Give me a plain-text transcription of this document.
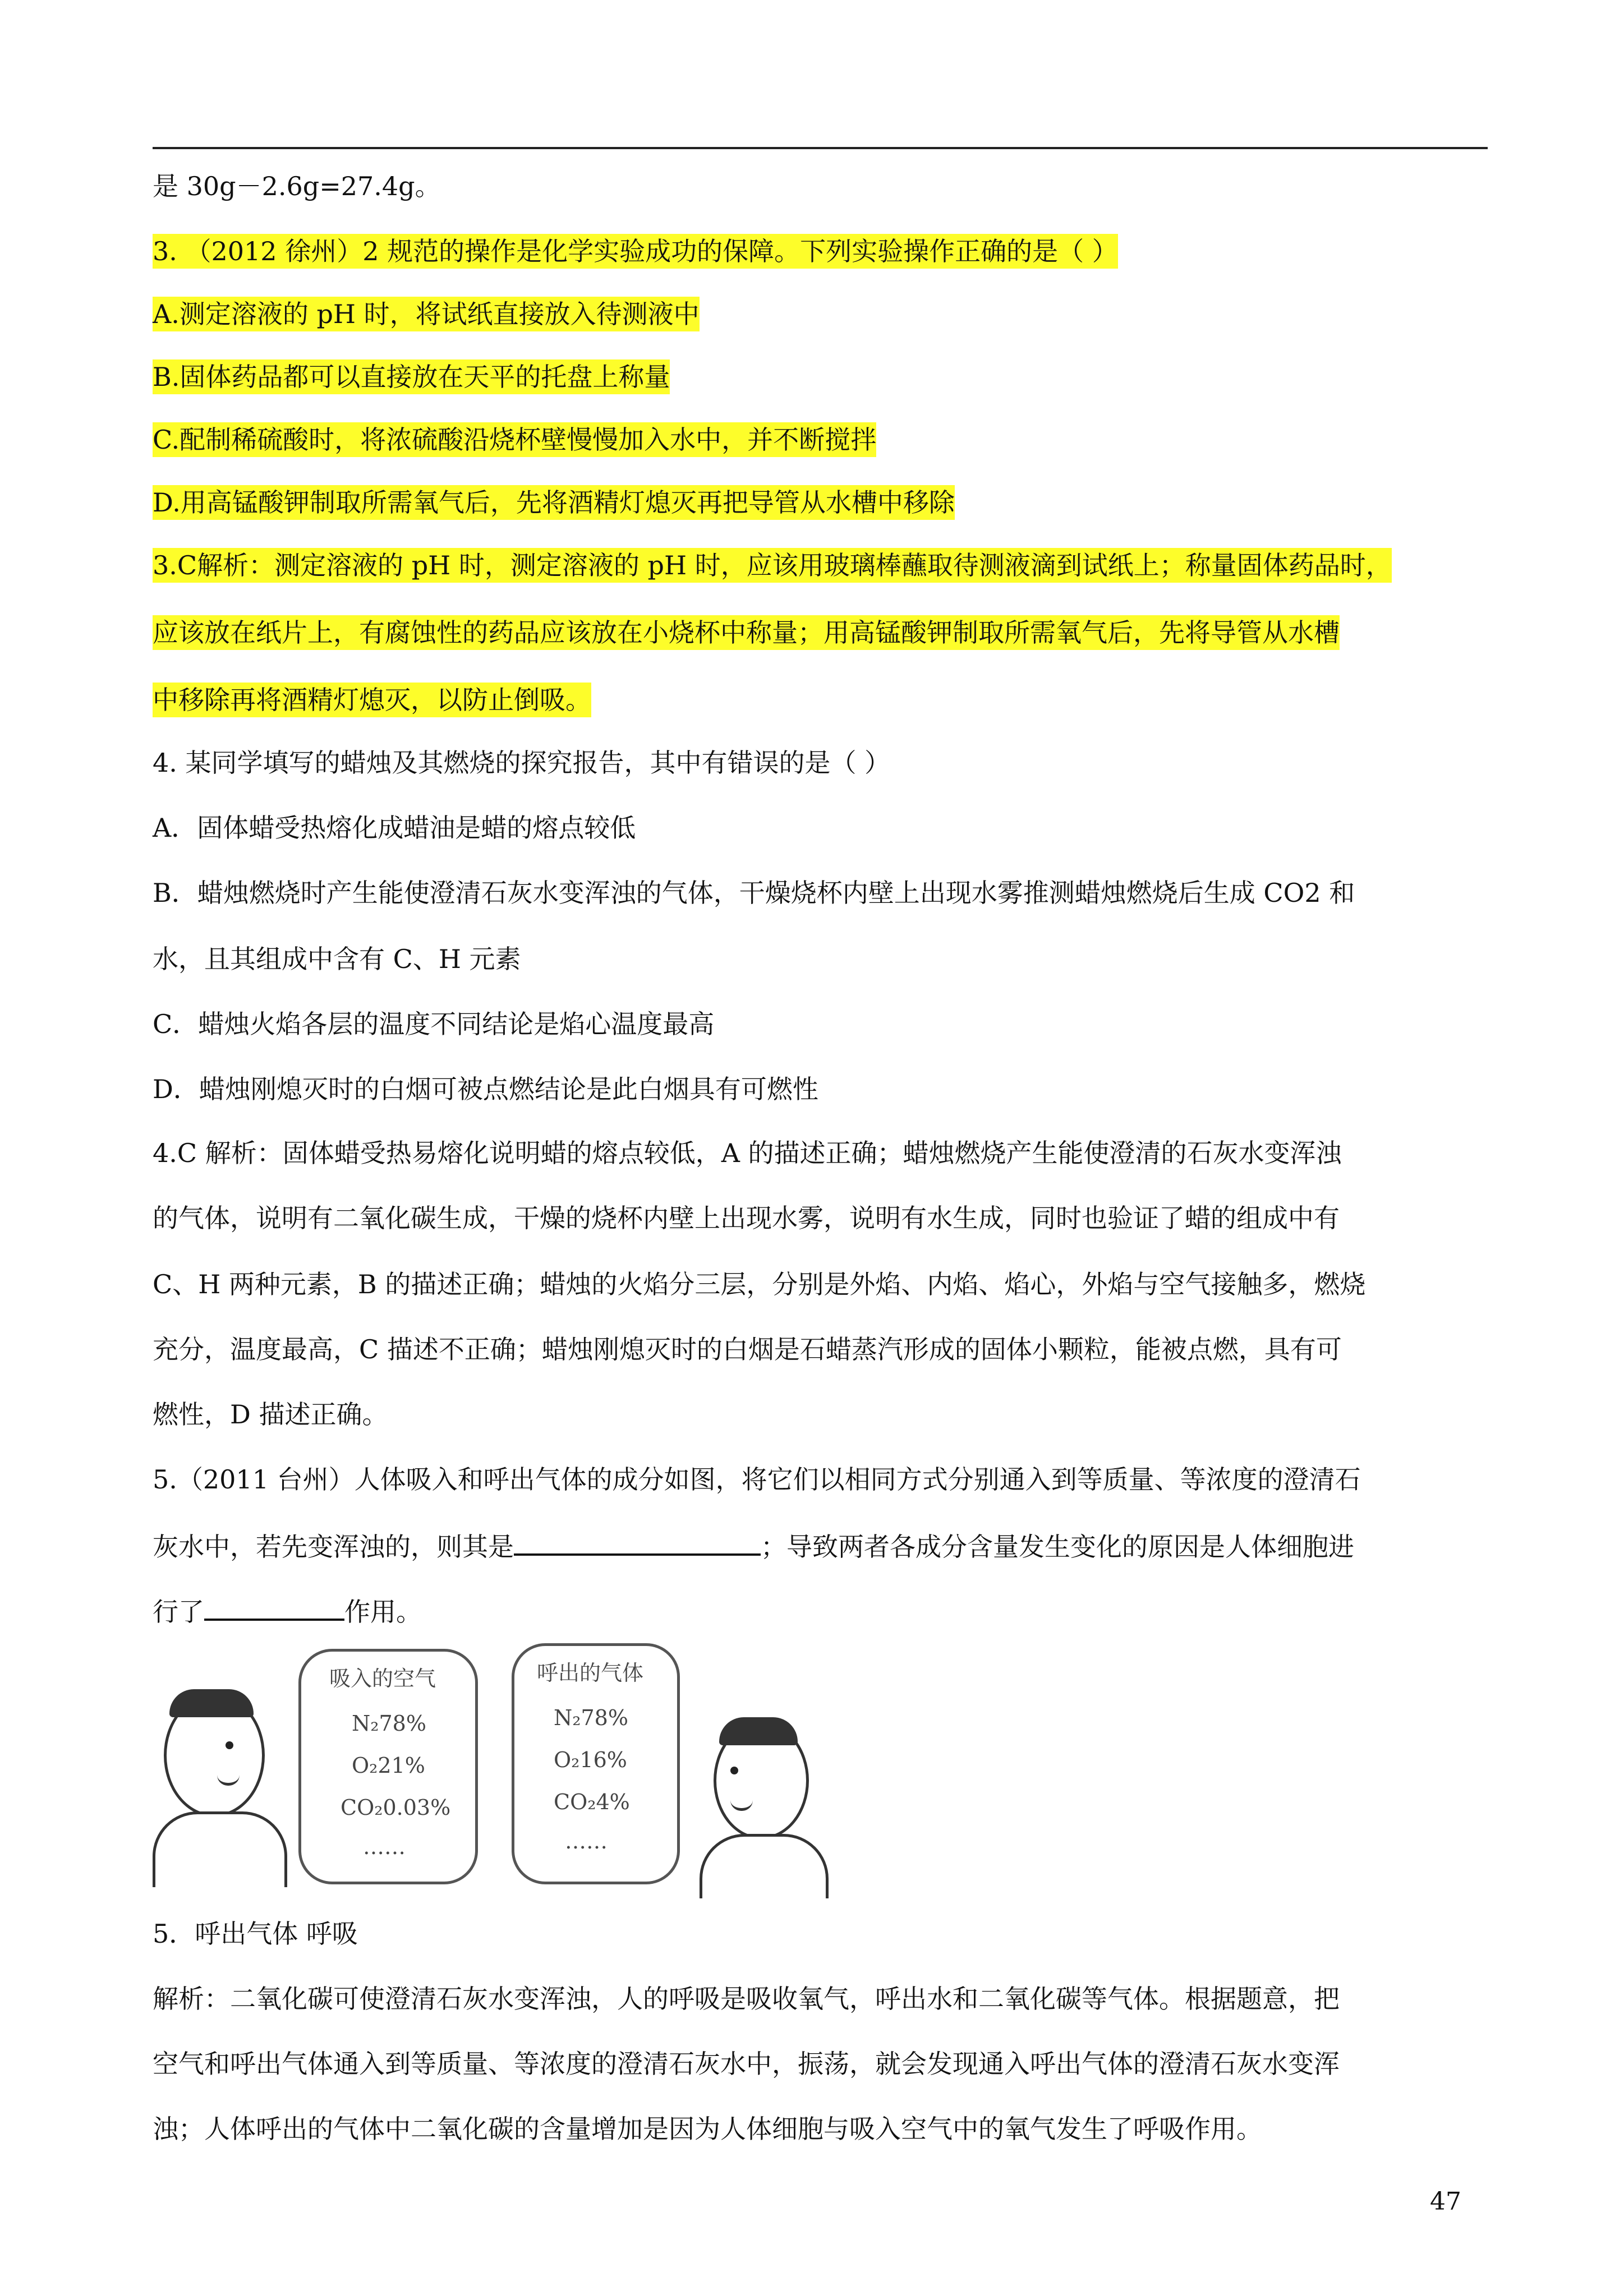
是 30g－2.6g=27.4g。
3. （2012 徐州）2 规范的操作是化学实验成功的保障。下列实验操作正确的是（ ）
A.测定溶液的 pH 时，将试纸直接放入待测液中
B.固体药品都可以直接放在天平的托盘上称量
C.配制稀硫酸时，将浓硫酸沿烧杯壁慢慢加入水中，并不断搅拌
D.用高锰酸钾制取所需氧气后，先将酒精灯熄灭再把导管从水槽中移除
3.C解析：测定溶液的 pH 时，测定溶液的 pH 时，应该用玻璃棒蘸取待测液滴到试纸上；称量固体药品时，
应该放在纸片上，有腐蚀性的药品应该放在小烧杯中称量；用高锰酸钾制取所需氧气后，先将导管从水槽
中移除再将酒精灯熄灭，以防止倒吸。
4. 某同学填写的蜡烛及其燃烧的探究报告，其中有错误的是（ ）
A．固体蜡受热熔化成蜡油是蜡的熔点较低
B．蜡烛燃烧时产生能使澄清石灰水变浑浊的气体，干燥烧杯内壁上出现水雾推测蜡烛燃烧后生成 CO2 和
水，且其组成中含有 C、H 元素
C．蜡烛火焰各层的温度不同结论是焰心温度最高
D．蜡烛刚熄灭时的白烟可被点燃结论是此白烟具有可燃性
4.C 解析：固体蜡受热易熔化说明蜡的熔点较低，A 的描述正确；蜡烛燃烧产生能使澄清的石灰水变浑浊
的气体，说明有二氧化碳生成，干燥的烧杯内壁上出现水雾，说明有水生成，同时也验证了蜡的组成中有
C、H 两种元素，B 的描述正确；蜡烛的火焰分三层，分别是外焰、内焰、焰心，外焰与空气接触多，燃烧
充分，温度最高，C 描述不正确；蜡烛刚熄灭时的白烟是石蜡蒸汽形成的固体小颗粒，能被点燃，具有可
燃性，D 描述正确。
5.（2011 台州）人体吸入和呼出气体的成分如图，将它们以相同方式分别通入到等质量、等浓度的澄清石
灰水中，若先变浑浊的，则其是	；导致两者各成分含量发生变化的原因是人体细胞进
行了	作用。
吸入的空气
N₂78%
O₂21%
CO₂0.03%
……
呼出的气体
N₂78%
O₂16%
CO₂4%
……
5．呼出气体 呼吸
解析：二氧化碳可使澄清石灰水变浑浊，人的呼吸是吸收氧气，呼出水和二氧化碳等气体。根据题意，把
空气和呼出气体通入到等质量、等浓度的澄清石灰水中，振荡，就会发现通入呼出气体的澄清石灰水变浑
浊；人体呼出的气体中二氧化碳的含量增加是因为人体细胞与吸入空气中的氧气发生了呼吸作用。
47
